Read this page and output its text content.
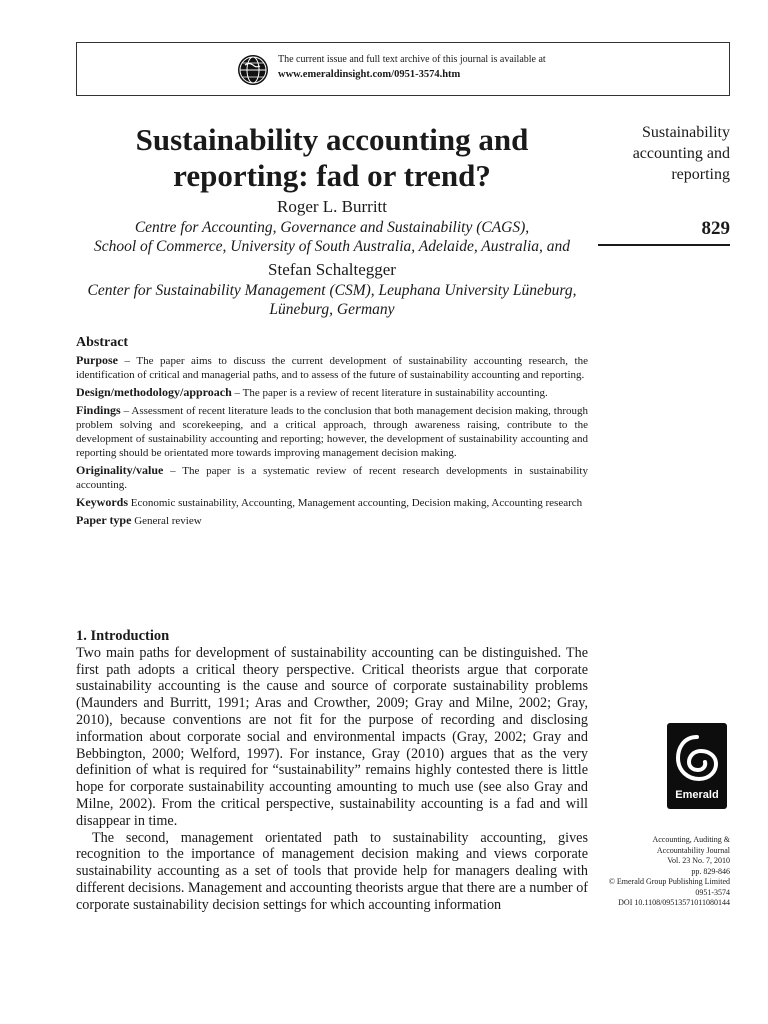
The current issue and full text archive of this journal is available at
www.emeraldinsight.com/0951-3574.htm
Sustainability accounting and
reporting: fad or trend?
Roger L. Burritt
Centre for Accounting, Governance and Sustainability (CAGS),
School of Commerce, University of South Australia, Adelaide, Australia, and
Stefan Schaltegger
Center for Sustainability Management (CSM), Leuphana University Lüneburg,
Lüneburg, Germany
Abstract

Purpose – The paper aims to discuss the current development of sustainability accounting research, the identification of critical and managerial paths, and to assess of the future of sustainability accounting and reporting.

Design/methodology/approach – The paper is a review of recent literature in sustainability accounting.

Findings – Assessment of recent literature leads to the conclusion that both management decision making, through problem solving and scorekeeping, and a critical approach, through awareness raising, contribute to the development of sustainability accounting and reporting; however, the development of sustainability accounting and reporting should be orientated more towards improving management decision making.

Originality/value – The paper is a systematic review of recent research developments in sustainability accounting.

Keywords Economic sustainability, Accounting, Management accounting, Decision making, Accounting research

Paper type General review

1. Introduction

Two main paths for development of sustainability accounting can be distinguished. The first path adopts a critical theory perspective. Critical theorists argue that corporate sustainability accounting is the cause and source of corporate sustainability problems (Maunders and Burritt, 1991; Aras and Crowther, 2009; Gray and Milne, 2002; Gray, 2010), because conventions are not fit for the purpose of recording and disclosing information about corporate social and environmental impacts (Gray, 2002; Gray and Bebbington, 2000; Welford, 1997). For instance, Gray (2010) argues that as the very definition of what is required for “sustainability” remains highly contested there is little hope for corporate sustainability accounting amounting to much use (see also Gray and Milne, 2002). From the critical perspective, sustainability accounting is a fad and will disappear in time.

The second, management orientated path to sustainability accounting, gives recognition to the importance of management decision making and views corporate sustainability accounting as a set of tools that provide help for managers dealing with different decisions. Management and accounting theorists argue that there are a number of corporate sustainability decision settings for which accounting information

Sustainability
accounting and
reporting
829
Emerald
Accounting, Auditing &
Accountability Journal
Vol. 23 No. 7, 2010
pp. 829-846
© Emerald Group Publishing Limited
0951-3574
DOI 10.1108/09513571011080144
